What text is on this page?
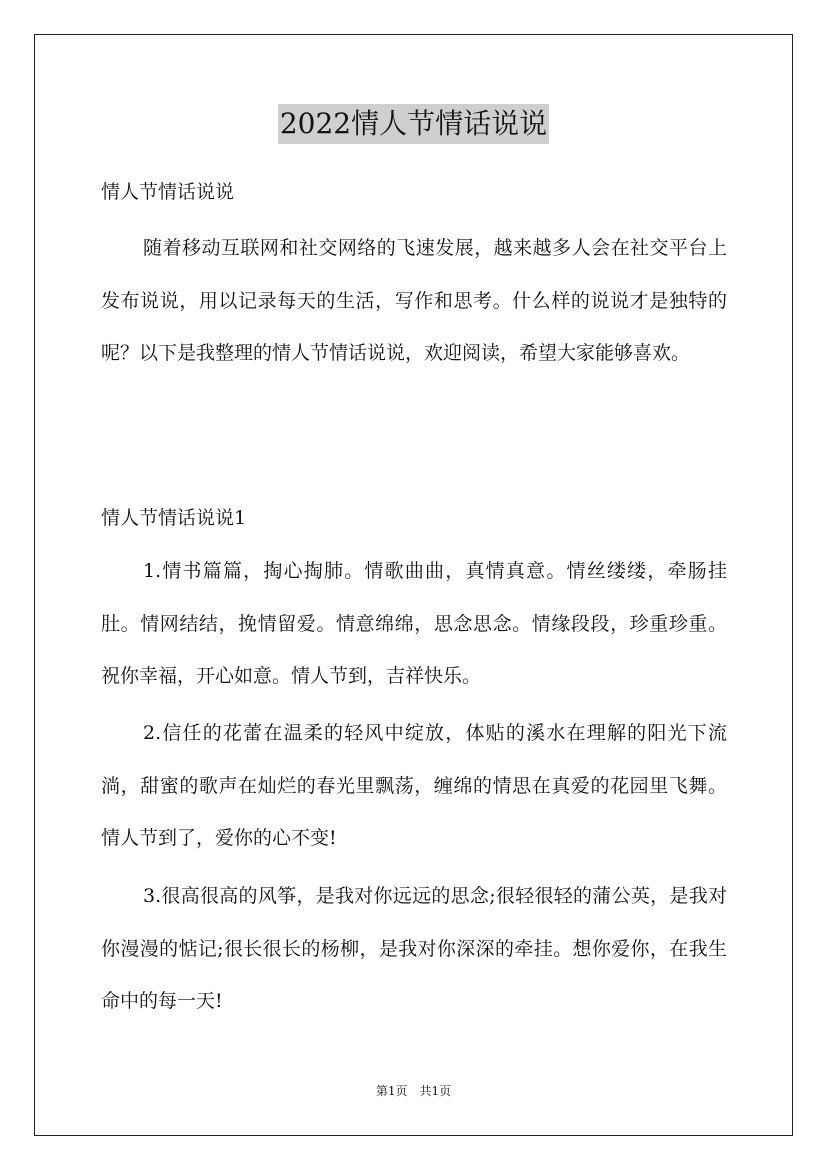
2022情人节情话说说

情人节情话说说

随着移动互联网和社交网络的飞速发展，越来越多人会在社交平台上发布说说，用以记录每天的生活，写作和思考。什么样的说说才是独特的呢？以下是我整理的情人节情话说说，欢迎阅读，希望大家能够喜欢。

情人节情话说说1

1.情书篇篇，掏心掏肺。情歌曲曲，真情真意。情丝缕缕，牵肠挂肚。情网结结，挽情留爱。情意绵绵，思念思念。情缘段段，珍重珍重。祝你幸福，开心如意。情人节到，吉祥快乐。

2.信任的花蕾在温柔的轻风中绽放，体贴的溪水在理解的阳光下流淌，甜蜜的歌声在灿烂的春光里飘荡，缠绵的情思在真爱的花园里飞舞。情人节到了，爱你的心不变!

3.很高很高的风筝，是我对你远远的思念;很轻很轻的蒲公英，是我对你漫漫的惦记;很长很长的杨柳，是我对你深深的牵挂。想你爱你，在我生命中的每一天!

第1页　共1页
